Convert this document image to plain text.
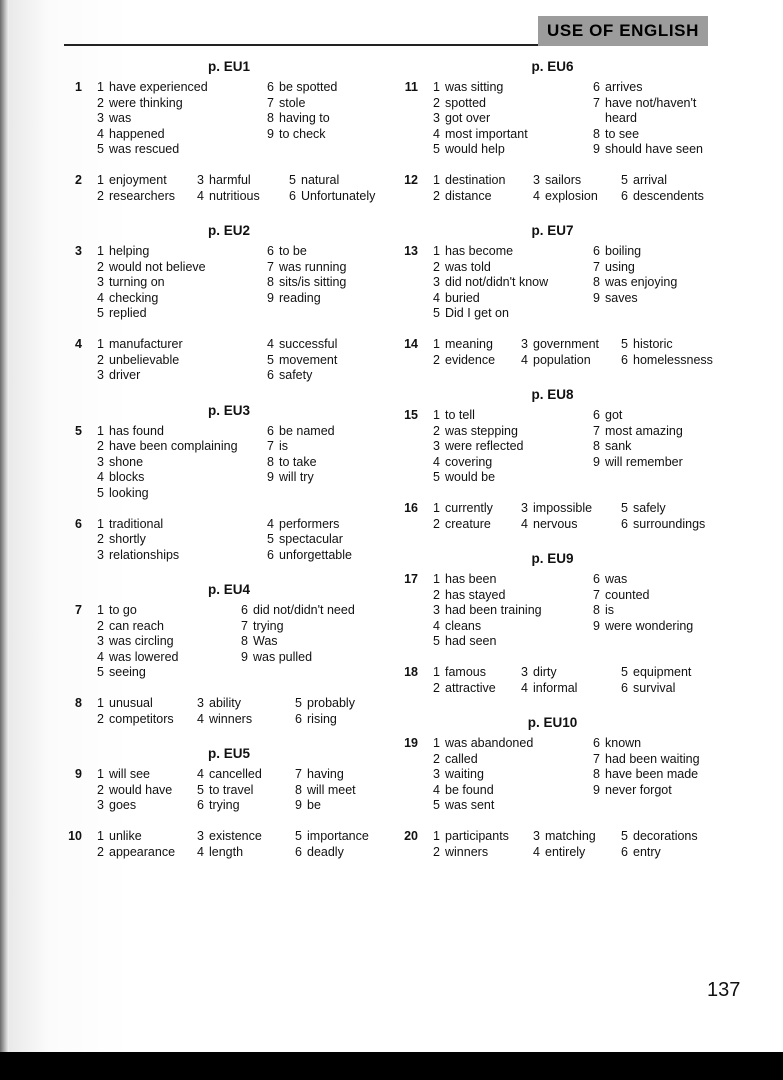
USE OF ENGLISH
p. EU1
1	1 have experienced
2 were thinking
3 was
4 happened
5 was rescued
6 be spotted
7 stole
8 having to
9 to check
2	1 enjoyment
2 researchers
3 harmful
4 nutritious
5 natural
6 Unfortunately
p. EU2
3	1 helping
2 would not believe
3 turning on
4 checking
5 replied
6 to be
7 was running
8 sits/is sitting
9 reading
4	1 manufacturer
2 unbelievable
3 driver
4 successful
5 movement
6 safety
p. EU3
5	1 has found
2 have been complaining
3 shone
4 blocks
5 looking
6 be named
7 is
8 to take
9 will try
6	1 traditional
2 shortly
3 relationships
4 performers
5 spectacular
6 unforgettable
p. EU4
7	1 to go
2 can reach
3 was circling
4 was lowered
5 seeing
6 did not/didn't need
7 trying
8 Was
9 was pulled
8	1 unusual
2 competitors
3 ability
4 winners
5 probably
6 rising
p. EU5
9	1 will see
2 would have
3 goes
4 cancelled
5 to travel
6 trying
7 having
8 will meet
9 be
10	1 unlike
2 appearance
3 existence
4 length
5 importance
6 deadly
p. EU6
11	1 was sitting
2 spotted
3 got over
4 most important
5 would help
6 arrives
7 have not/haven't heard
8 to see
9 should have seen
12	1 destination
2 distance
3 sailors
4 explosion
5 arrival
6 descendents
p. EU7
13	1 has become
2 was told
3 did not/didn't know
4 buried
5 Did I get on
6 boiling
7 using
8 was enjoying
9 saves
14	1 meaning
2 evidence
3 government
4 population
5 historic
6 homelessness
p. EU8
15	1 to tell
2 was stepping
3 were reflected
4 covering
5 would be
6 got
7 most amazing
8 sank
9 will remember
16	1 currently
2 creature
3 impossible
4 nervous
5 safely
6 surroundings
p. EU9
17	1 has been
2 has stayed
3 had been training
4 cleans
5 had seen
6 was
7 counted
8 is
9 were wondering
18	1 famous
2 attractive
3 dirty
4 informal
5 equipment
6 survival
p. EU10
19	1 was abandoned
2 called
3 waiting
4 be found
5 was sent
6 known
7 had been waiting
8 have been made
9 never forgot
20	1 participants
2 winners
3 matching
4 entirely
5 decorations
6 entry
137
